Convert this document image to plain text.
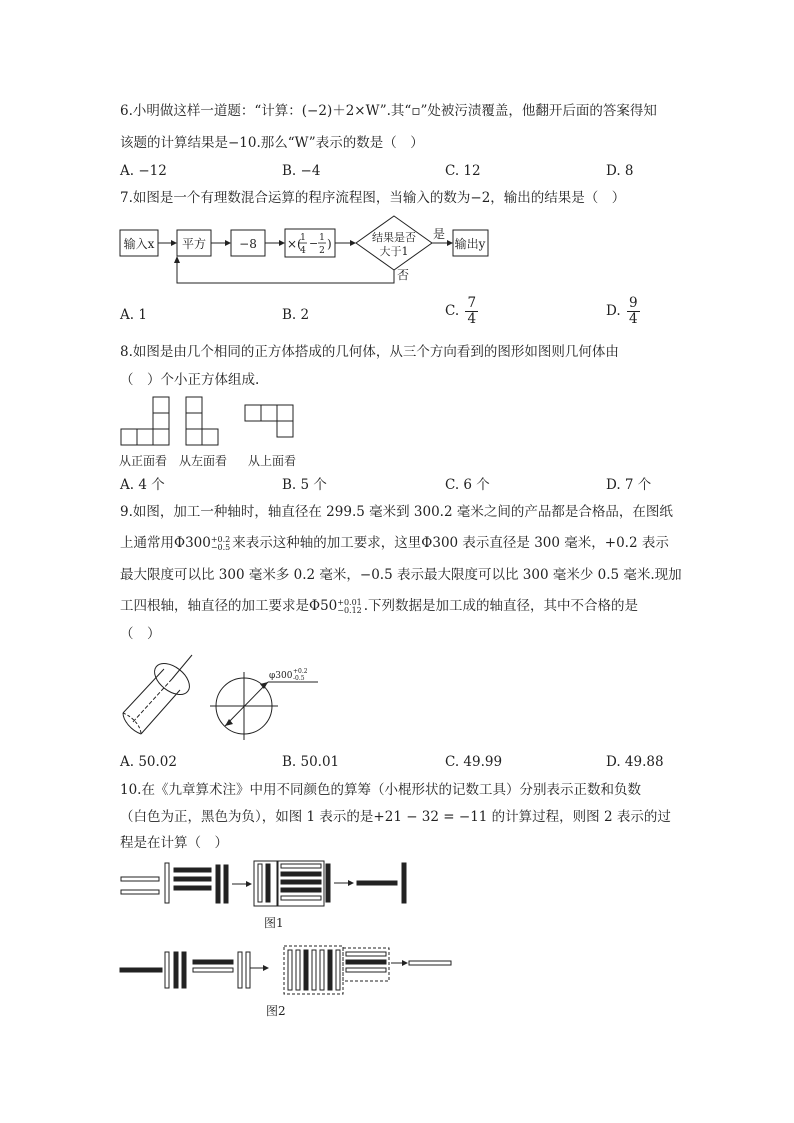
6.小明做这样一道题：“计算：(−2)＋2×W”.其“▫”处被污渍覆盖，他翻开后面的答案得知
该题的计算结果是−10.那么“W”表示的数是（　）
A. −12	B. −4	C. 12	D. 8
7.如图是一个有理数混合运算的程序流程图，当输入的数为−2，输出的结果是（　）
输入x 平方	−8	×(
1
4
− 1
2 )	结果是否
大于1
是
否
输出y
A. 1	B. 2	C. $\frac{7}{4}$	D. $\frac{9}{4}$
8.如图是由几个相同的正方体搭成的几何体，从三个方向看到的图形如图则几何体由
（　）个小正方体组成.
从正面看 从左面看 从上面看
A. 4 个	B. 5 个	C. 6 个	D. 7 个
9.如图，加工一种轴时，轴直径在 299.5 毫米到 300.2 毫米之间的产品都是合格品，在图纸
上通常用Φ300 +0.2
−0.5 来表示这种轴的加工要求，这里Φ300 表示直径是 300 毫米，+0.2 表示
最大限度可以比 300 毫米多 0.2 毫米，−0.5 表示最大限度可以比 300 毫米少 0.5 毫米.现加
工四根轴，轴直径的加工要求是Φ50 +0.01
−0.12 .下列数据是加工成的轴直径，其中不合格的是
（　）
φ300 +0.2
-0.5
A. 50.02	B. 50.01	C. 49.99	D. 49.88
10.在《九章算术注》中用不同颜色的算筹（小棍形状的记数工具）分别表示正数和负数
（白色为正，黑色为负），如图 1 表示的是+21 − 32 = −11 的计算过程，则图 2 表示的过
程是在计算（　）
图1
图2
